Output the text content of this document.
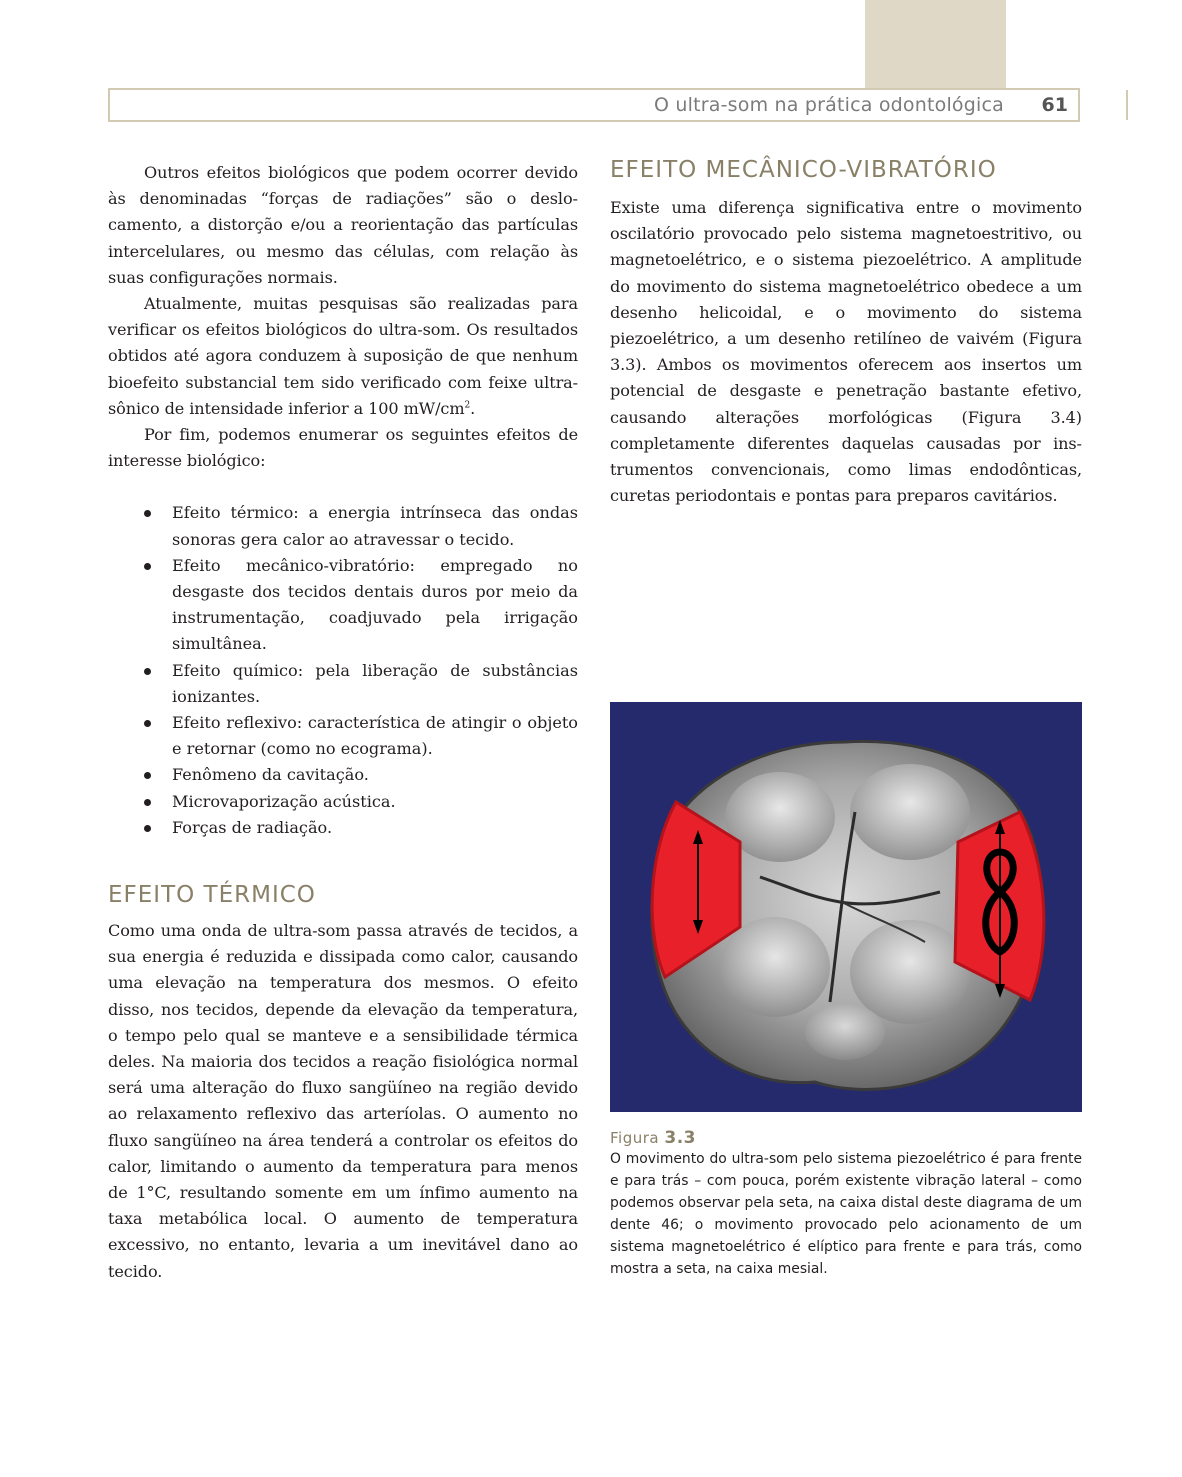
O ultra-som na prática odontológica 61

Outros efeitos biológicos que podem ocorrer devido às denominadas “forças de radiações” são o deslocamento, a distorção e/ou a reorientação das partículas intercelulares, ou mesmo das células, com relação às suas configurações normais.

Atualmente, muitas pesquisas são realizadas para verificar os efeitos biológicos do ultra-som. Os resultados obtidos até agora conduzem à suposição de que nenhum bioefeito substancial tem sido verificado com feixe ultra-sônico de intensidade inferior a 100 $mW/cm^2$.

Por fim, podemos enumerar os seguintes efeitos de interesse biológico:

Efeito térmico: a energia intrínseca das ondas sonoras gera calor ao atravessar o tecido.
Efeito mecânico-vibratório: empregado no desgaste dos tecidos dentais duros por meio da instrumentação, coadjuvado pela irrigação simultânea.
Efeito químico: pela liberação de substâncias ionizantes.
Efeito reflexivo: característica de atingir o objeto e retornar (como no ecograma).
Fenômeno da cavitação.
Microvaporização acústica.
Forças de radiação.
EFEITO TÉRMICO

Como uma onda de ultra-som passa através de tecidos, a sua energia é reduzida e dissipada como calor, causando uma elevação na temperatura dos mesmos. O efeito disso, nos tecidos, depende da elevação da temperatura, o tempo pelo qual se manteve e a sensibilidade térmica deles. Na maioria dos tecidos a reação fisiológica normal será uma alteração do fluxo sangüíneo na região devido ao relaxamento reflexivo das arteríolas. O aumento no fluxo sangüíneo na área tenderá a controlar os efeitos do calor, limitando o aumento da temperatura para menos de 1°C, resultando somente em um ínfimo aumento na taxa metabólica local. O aumento de temperatura excessivo, no entanto, levaria a um inevitável dano ao tecido.

EFEITO MECÂNICO-VIBRATÓRIO

Existe uma diferença significativa entre o movimento oscilatório provocado pelo sistema magnetoestritivo, ou magnetoelétrico, e o sistema piezoelétrico. A amplitude do movimento do sistema magnetoelétrico obedece a um desenho helicoidal, e o movimento do sistema piezoelétrico, a um desenho retilíneo de vaivém (Figura 3.3). Ambos os movimentos oferecem aos insertos um potencial de desgaste e penetração bastante efetivo, causando alterações morfológicas (Figura 3.4) completamente diferentes daquelas causadas por instrumentos convencionais, como limas endodônticas, curetas periodontais e pontas para preparos cavitários.

Figura 3.3

O movimento do ultra-som pelo sistema piezoelétrico é para frente e para trás – com pouca, porém existente vibração lateral – como podemos observar pela seta, na caixa distal deste diagrama de um dente 46; o movimento provocado pelo acionamento de um sistema magnetoelétrico é elíptico para frente e para trás, como mostra a seta, na caixa mesial.
